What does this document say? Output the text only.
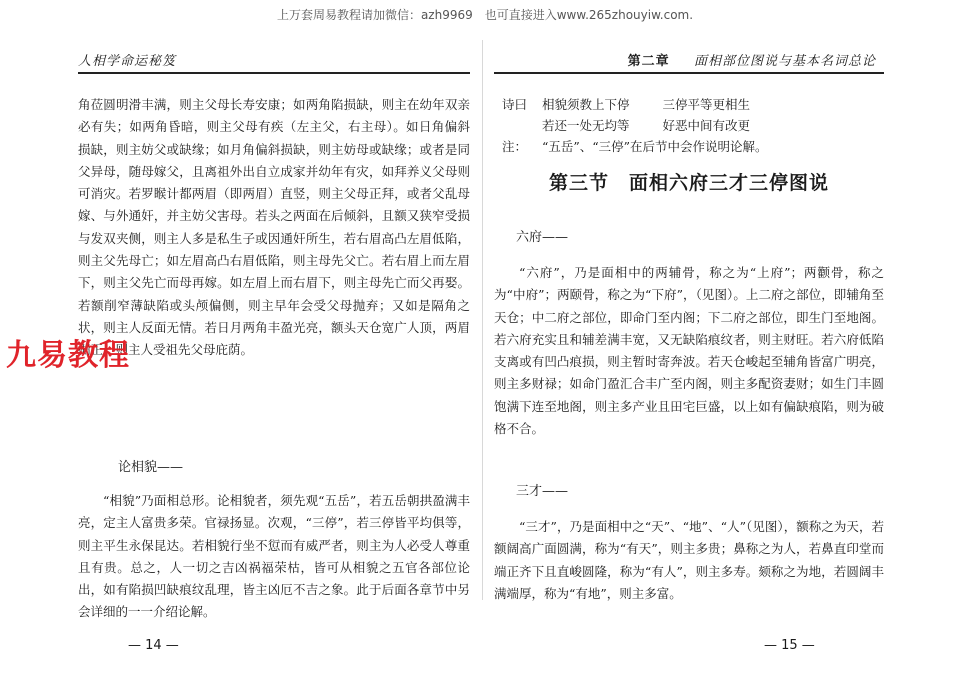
上万套周易教程请加微信：azh9969　也可直接进入www.265zhouyiw.com.
人相学命运秘笈

角莅圆明滑丰满，则主父母长寿安康；如两角陷损缺，则主在幼年双亲必有失；如两角昏暗，则主父母有疾（左主父，右主母）。如日角偏斜损缺，则主妨父或缺缘；如月角偏斜损缺，则主妨母或缺缘；或者是同父异母，随母嫁父，且离祖外出自立成家并幼年有灾，如拜养义父母则可消灾。若罗睺计都两眉（即两眉）直竖，则主父母正拜，或者父乱母嫁、与外通奸，并主妨父害母。若头之两面在后倾斜，且额又狭窄受损与发双夹侧，则主人多是私生子或因通奸所生，若右眉高凸左眉低陷，则主父先母亡；如左眉高凸右眉低陷，则主母先父亡。若右眉上而左眉下，则主父先亡而母再嫁。如左眉上而右眉下，则主母先亡而父再娶。若额削窄薄缺陷或头颅偏侧，则主早年会受父母抛弃；又如是隔角之状，则主人反面无情。若日月两角丰盈光亮，额头天仓宽广人顶，两眉端正，则主人受祖先父母庇荫。

论相貌——

“相貌”乃面相总形。论相貌者，须先观“五岳”，若五岳朝拱盈满丰亮，定主人富贵多荣。官禄扬显。次观，“三停”，若三停皆平均俱等，则主平生永保昆达。若相貌行坐不愆而有威严者，则主为人必受人尊重且有贵。总之，人一切之吉凶祸福荣枯，皆可从相貌之五官各部位论出，如有陷损凹缺痕纹乱理，皆主凶厄不吉之象。此于后面各章节中另会详细的一一介绍论解。

— 14 —
第二章 　 面相部位图说与基本名词总论
诗曰 相貌须教上下停　	三停平等更相生
若还一处无均等　	好恶中间有改更
注： “五岳”、“三停”在后节中会作说明论解。
第三节　面相六府三才三停图说
六府——

“六府”，乃是面相中的两辅骨，称之为“上府”；两颧骨，称之为“中府”；两颐骨，称之为“下府”，（见图）。上二府之部位，即辅角至天仓；中二府之部位，即命门至内阁；下二府之部位，即生门至地阁。若六府充实且和辅差满丰宽，又无缺陷痕纹者，则主财旺。若六府低陷支离或有凹凸痕损，则主暂时寄奔波。若天仓峻起至辅角皆富广明亮，则主多财禄；如命门盈汇合丰广至内阁，则主多配资妻财；如生门丰圆饱满下连至地阁，则主多产业且田宅巨盛，以上如有偏缺痕陷，则为破格不合。

三才——

“三才”，乃是面相中之“天”、“地”、“人”（见图），额称之为天，若额阔高广面圆满，称为“有天”，则主多贵；鼻称之为人，若鼻直印堂而端正齐下且直峻圆隆，称为“有人”，则主多寿。颏称之为地，若圆阔丰满端厚，称为“有地”，则主多富。

— 15 —
九易教程
